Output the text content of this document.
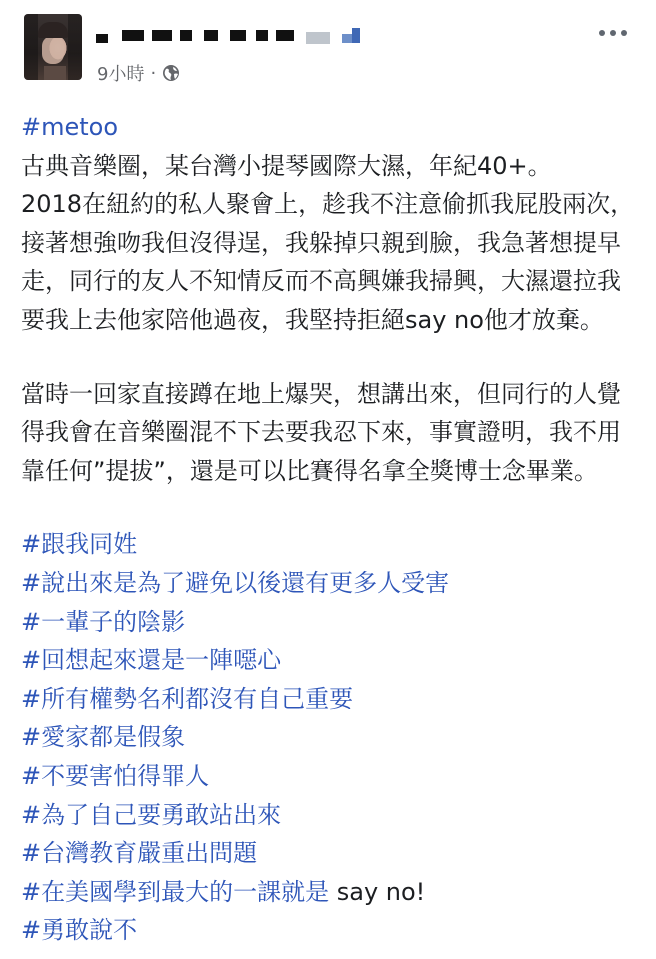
9小時 ·
#metoo
古典音樂圈，某台灣小提琴國際大濕，年紀40+。
2018在紐約的私人聚會上，趁我不注意偷抓我屁股兩次，
接著想強吻我但沒得逞，我躲掉只親到臉，我急著想提早
走，同行的友人不知情反而不高興嫌我掃興，大濕還拉我
要我上去他家陪他過夜，我堅持拒絕say no他才放棄。
當時一回家直接蹲在地上爆哭，想講出來，但同行的人覺
得我會在音樂圈混不下去要我忍下來，事實證明，我不用
靠任何”提拔”，還是可以比賽得名拿全獎博士念畢業。
#跟我同姓
#說出來是為了避免以後還有更多人受害
#一輩子的陰影
#回想起來還是一陣噁心
#所有權勢名利都沒有自己重要
#愛家都是假象
#不要害怕得罪人
#為了自己要勇敢站出來
#台灣教育嚴重出問題
#在美國學到最大的一課就是 say no!
#勇敢說不
